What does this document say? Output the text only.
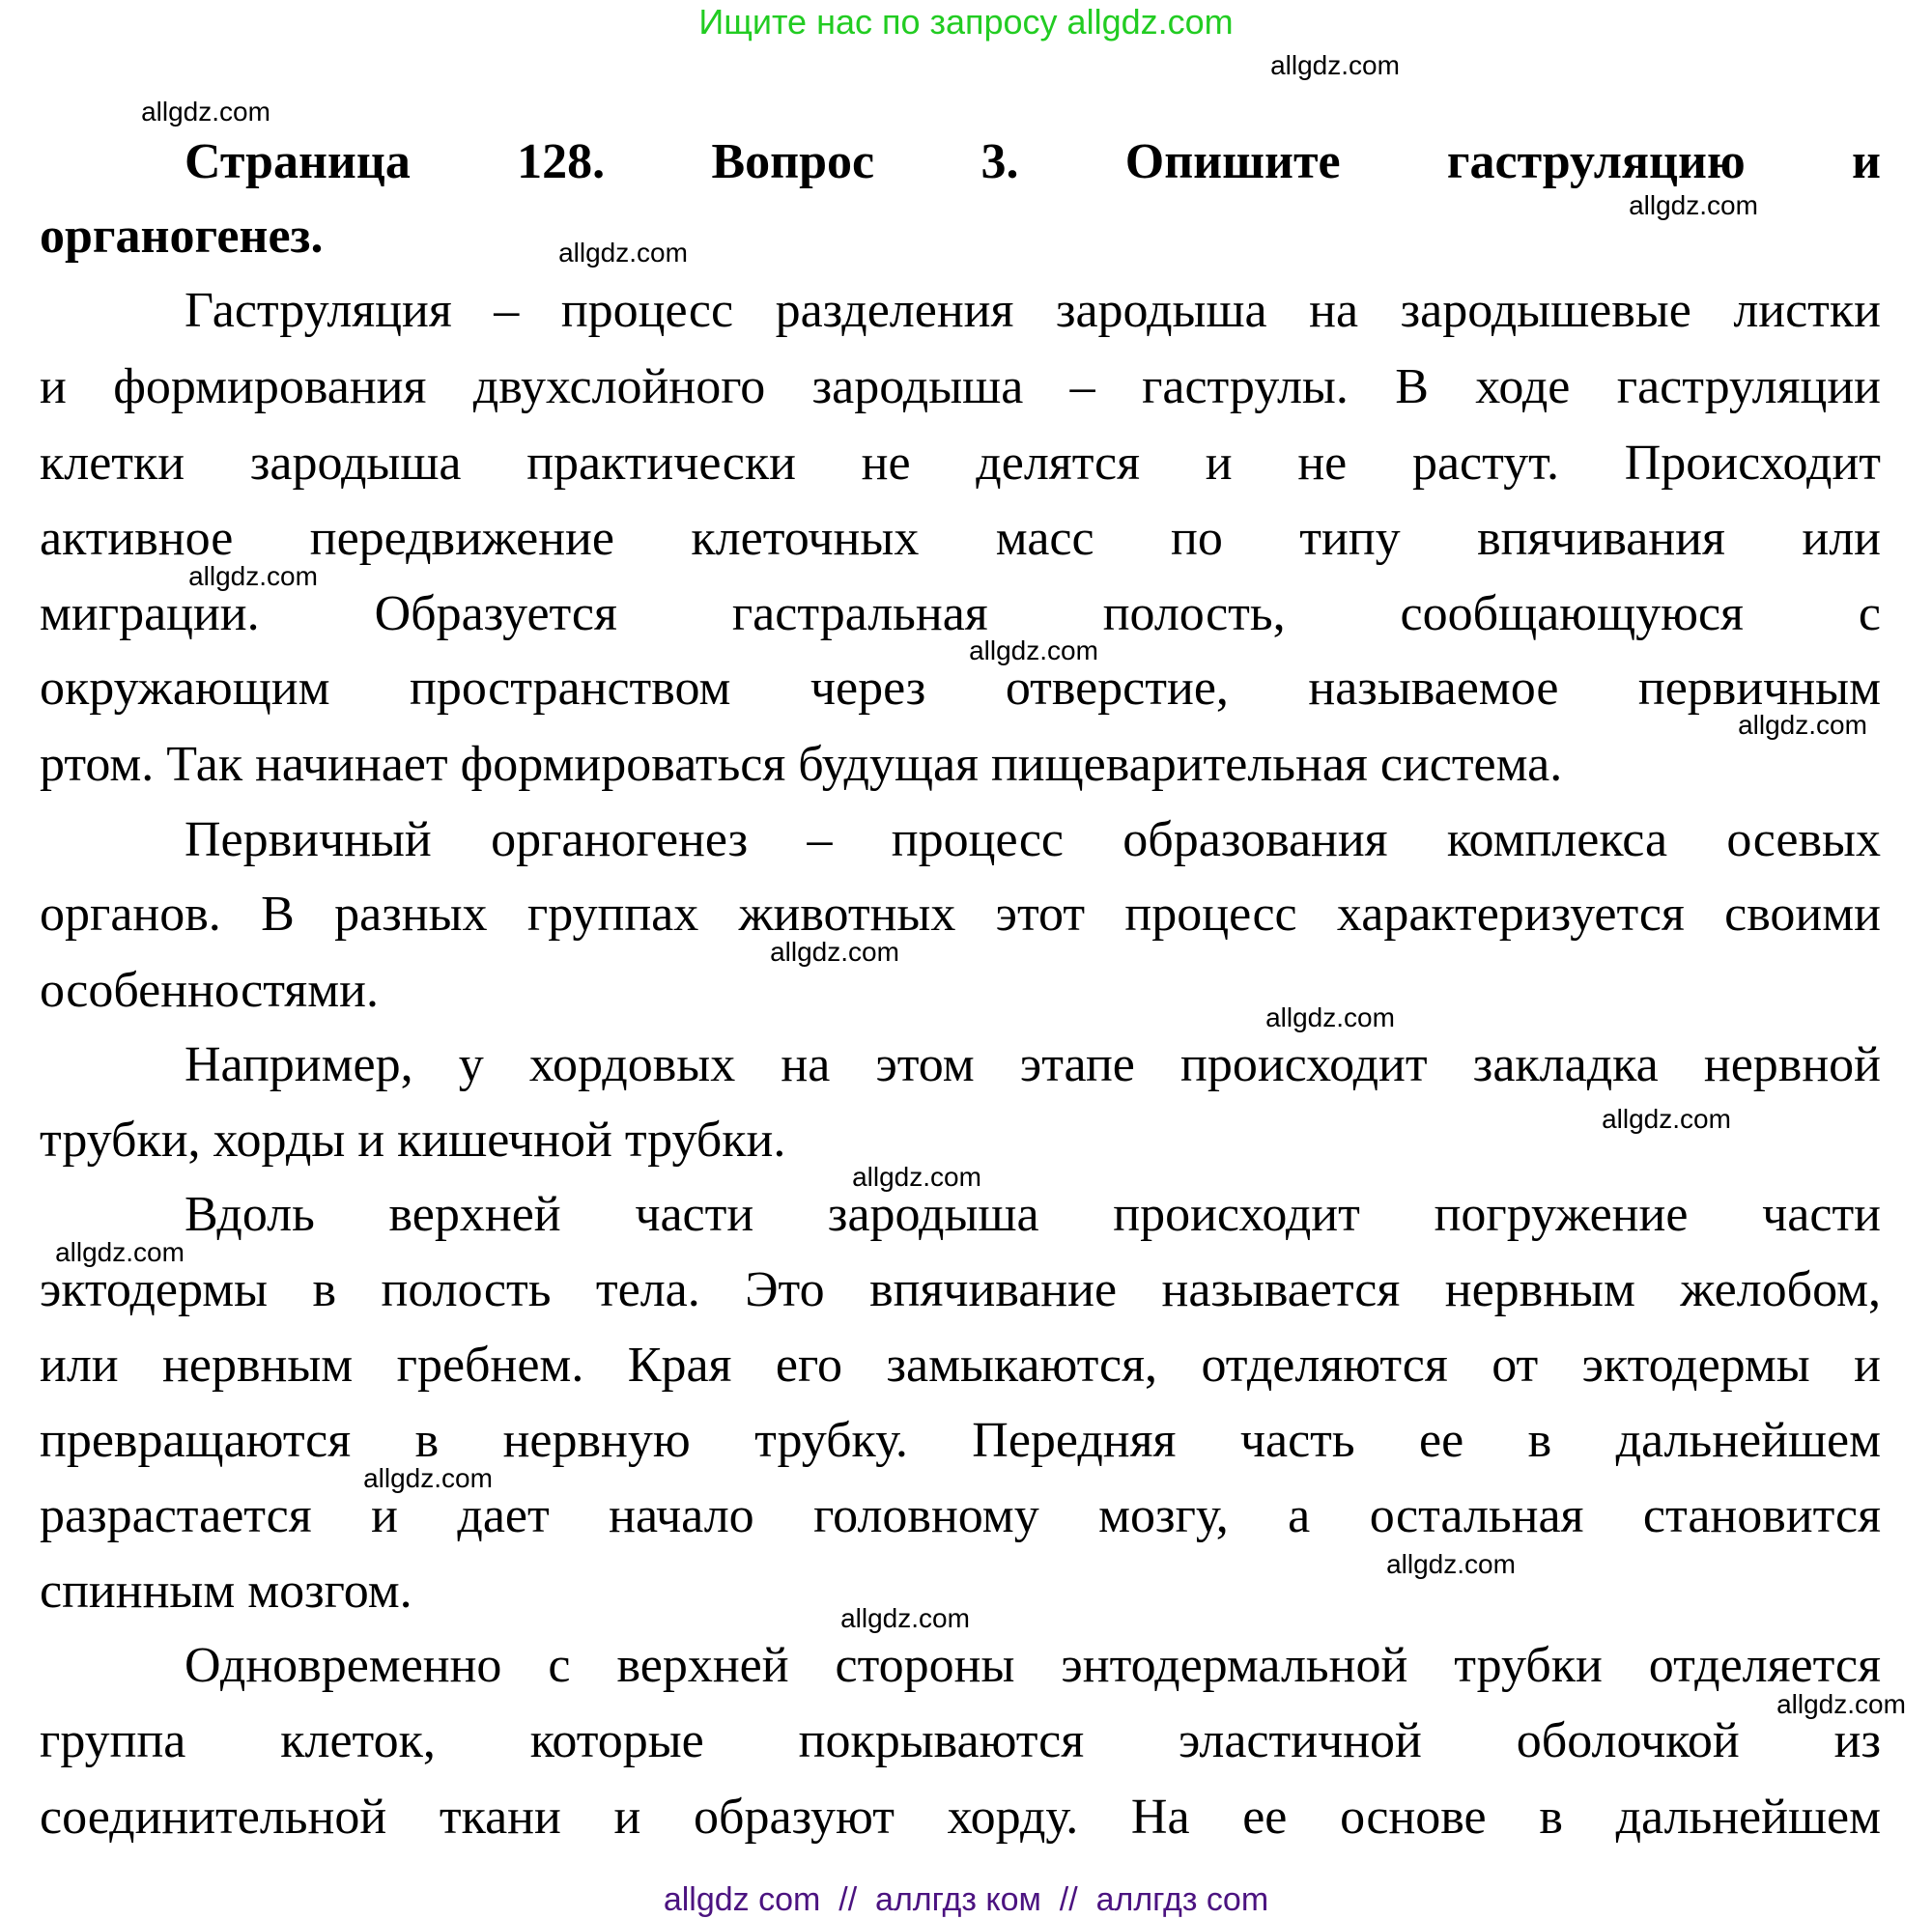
Ищите нас по запросу allgdz.com
Страница 128. Вопрос 3. Опишите гаструляцию и
органогенез.
Гаструляция – процесс разделения зародыша на зародышевые листки
и формирования двухслойного зародыша – гаструлы. В ходе гаструляции
клетки зародыша практически не делятся и не растут. Происходит
активное передвижение клеточных масс по типу впячивания или
миграции. Образуется гастральная полость, сообщающуюся с
окружающим пространством через отверстие, называемое первичным
ртом. Так начинает формироваться будущая пищеварительная система.
Первичный органогенез – процесс образования комплекса осевых
органов. В разных группах животных этот процесс характеризуется своими
особенностями.
Например, у хордовых на этом этапе происходит закладка нервной
трубки, хорды и кишечной трубки.
Вдоль верхней части зародыша происходит погружение части
эктодермы в полость тела. Это впячивание называется нервным желобом,
или нервным гребнем. Края его замыкаются, отделяются от эктодермы и
превращаются в нервную трубку. Передняя часть ее в дальнейшем
разрастается и дает начало головному мозгу, а остальная становится
спинным мозгом.
Одновременно с верхней стороны энтодермальной трубки отделяется
группа клеток, которые покрываются эластичной оболочкой из
соединительной ткани и образуют хорду. На ее основе в дальнейшем
allgdz.com
allgdz.com
allgdz.com
allgdz.com
allgdz.com
allgdz.com
allgdz.com
allgdz.com
allgdz.com
allgdz.com
allgdz.com
allgdz.com
allgdz.com
allgdz.com
allgdz.com
allgdz.com
allgdz com  //  аллгдз ком  //  аллгдз com
